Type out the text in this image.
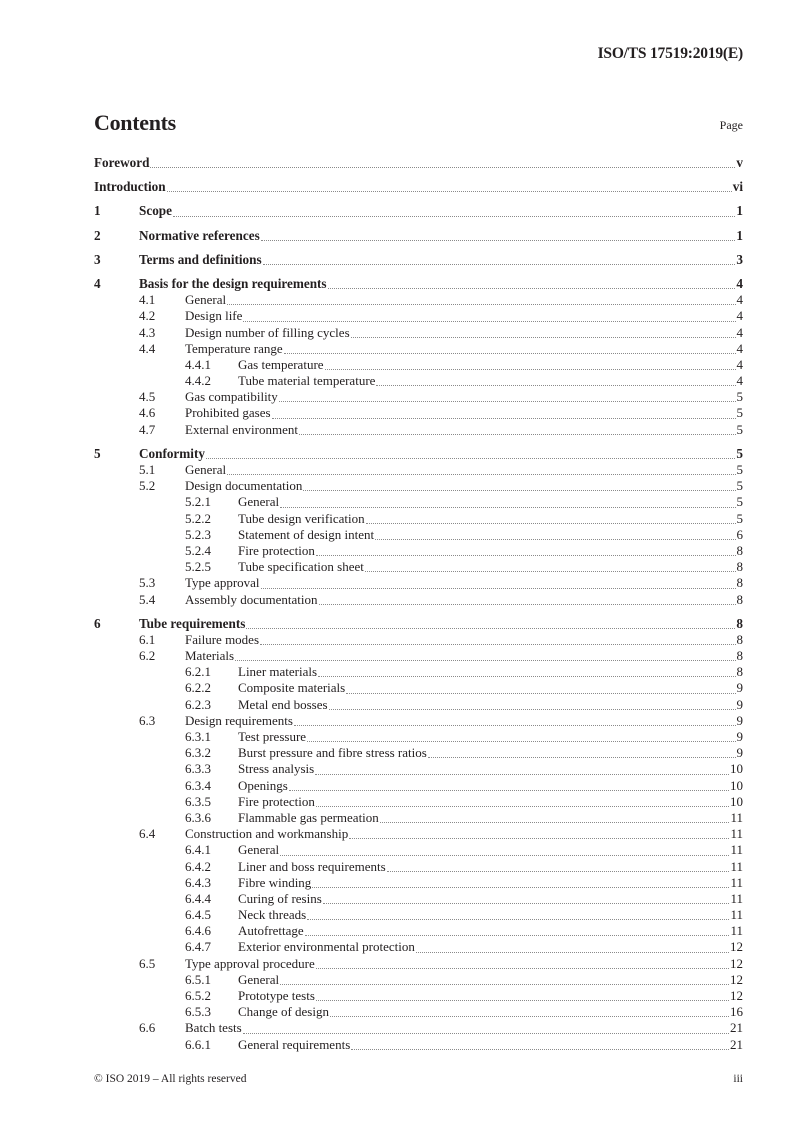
ISO/TS 17519:2019(E)
Contents	Page
Foreword	v
Introduction	vi
1	Scope	1
2	Normative references	1
3	Terms and definitions	3
4	Basis for the design requirements	4
4.1	General	4
4.2	Design life	4
4.3	Design number of filling cycles	4
4.4	Temperature range	4
4.4.1	Gas temperature	4
4.4.2	Tube material temperature	4
4.5	Gas compatibility	5
4.6	Prohibited gases	5
4.7	External environment	5
5	Conformity	5
5.1	General	5
5.2	Design documentation	5
5.2.1	General	5
5.2.2	Tube design verification	5
5.2.3	Statement of design intent	6
5.2.4	Fire protection	8
5.2.5	Tube specification sheet	8
5.3	Type approval	8
5.4	Assembly documentation	8
6	Tube requirements	8
6.1	Failure modes	8
6.2	Materials	8
6.2.1	Liner materials	8
6.2.2	Composite materials	9
6.2.3	Metal end bosses	9
6.3	Design requirements	9
6.3.1	Test pressure	9
6.3.2	Burst pressure and fibre stress ratios	9
6.3.3	Stress analysis	10
6.3.4	Openings	10
6.3.5	Fire protection	10
6.3.6	Flammable gas permeation	11
6.4	Construction and workmanship	11
6.4.1	General	11
6.4.2	Liner and boss requirements	11
6.4.3	Fibre winding	11
6.4.4	Curing of resins	11
6.4.5	Neck threads	11
6.4.6	Autofrettage	11
6.4.7	Exterior environmental protection	12
6.5	Type approval procedure	12
6.5.1	General	12
6.5.2	Prototype tests	12
6.5.3	Change of design	16
6.6	Batch tests	21
6.6.1	General requirements	21
© ISO 2019 – All rights reserved	iii
